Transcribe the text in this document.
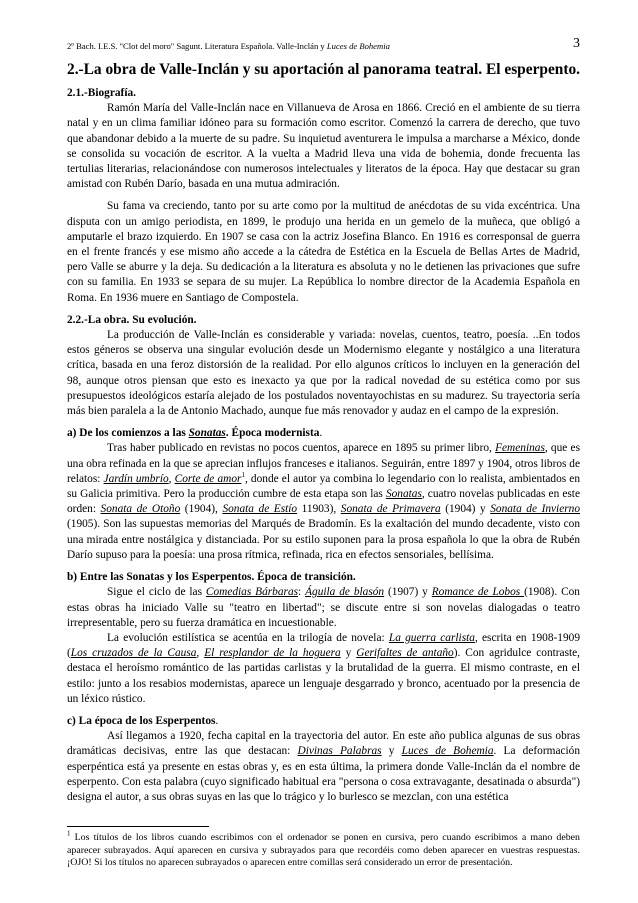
2º Bach. I.E.S. "Clot del moro" Sagunt. Literatura Española. Valle-Inclán y Luces de Bohemia	3
2.-La obra de Valle-Inclán y su aportación al panorama teatral. El esperpento.

2.1.-Biografía.

Ramón María del Valle-Inclán nace en Villanueva de Arosa en 1866. Creció en el ambiente de su tierra natal y en un clima familiar idóneo para su formación como escritor. Comenzó la carrera de derecho, que tuvo que abandonar debido a la muerte de su padre. Su inquietud aventurera le impulsa a marcharse a México, donde se consolida su vocación de escritor. A la vuelta a Madrid lleva una vida de bohemia, donde frecuenta las tertulias literarias, relacionándose con numerosos intelectuales y literatos de la época. Hay que destacar su gran amistad con Rubén Darío, basada en una mutua admiración.

Su fama va creciendo, tanto por su arte como por la multitud de anécdotas de su vida excéntrica. Una disputa con un amigo periodista, en 1899, le produjo una herida en un gemelo de la muñeca, que obligó a amputarle el brazo izquierdo. En 1907 se casa con la actriz Josefina Blanco. En 1916 es corresponsal de guerra en el frente francés y ese mismo año accede a la cátedra de Estética en la Escuela de Bellas Artes de Madrid, pero Valle se aburre y la deja. Su dedicación a la literatura es absoluta y no le detienen las privaciones que sufre con su familia. En 1933 se separa de su mujer. La República lo nombre director de la Academia Española en Roma. En 1936 muere en Santiago de Compostela.

2.2.-La obra. Su evolución.

La producción de Valle-Inclán es considerable y variada: novelas, cuentos, teatro, poesía. ..En todos estos géneros se observa una singular evolución desde un Modernismo elegante y nostálgico a una literatura crítica, basada en una feroz distorsión de la realidad. Por ello algunos críticos lo incluyen en la generación del 98, aunque otros piensan que esto es inexacto ya que por la radical novedad de su estética como por sus presupuestos ideológicos estaría alejado de los postulados noventayochistas en su madurez. Su trayectoria sería más bien paralela a la de Antonio Machado, aunque fue más renovador y audaz en el campo de la expresión.

a) De los comienzos a las Sonatas. Época modernista.

Tras haber publicado en revistas no pocos cuentos, aparece en 1895 su primer libro, Femeninas, que es una obra refinada en la que se aprecian influjos franceses e italianos. Seguirán, entre 1897 y 1904, otros libros de relatos: Jardín umbrío, Corte de amor$^1$, donde el autor ya combina lo legendario con lo realista, ambientados en su Galicia primitiva. Pero la producción cumbre de esta etapa son las Sonatas, cuatro novelas publicadas en este orden: Sonata de Otoño (1904), Sonata de Estío 11903), Sonata de Primavera (1904) y Sonata de Invierno (1905). Son las supuestas memorias del Marqués de Bradomín. Es la exaltación del mundo decadente, visto con una mirada entre nostálgica y distanciada. Por su estilo suponen para la prosa española lo que la obra de Rubén Darío supuso para la poesía: una prosa rítmica, refinada, rica en efectos sensoriales, bellísima.

b) Entre las Sonatas y los Esperpentos. Época de transición.

Sigue el ciclo de las Comedias Bárbaras: Águila de blasón (1907) y Romance de Lobos (1908). Con estas obras ha iniciado Valle su "teatro en libertad"; se discute entre si son novelas dialogadas o teatro irrepresentable, pero su fuerza dramática en incuestionable.

La evolución estilística se acentúa en la trilogía de novela: La guerra carlista, escrita en 1908-1909 (Los cruzados de la Causa, El resplandor de la hoguera y Gerifaltes de antaño). Con agridulce contraste, destaca el heroísmo romántico de las partidas carlistas y la brutalidad de la guerra. El mismo contraste, en el estilo: junto a los resabios modernistas, aparece un lenguaje desgarrado y bronco, acentuado por la presencia de un léxico rústico.

c) La época de los Esperpentos.

Así llegamos a 1920, fecha capital en la trayectoria del autor. En este año publica algunas de sus obras dramáticas decisivas, entre las que destacan: Divinas Palabras y Luces de Bohemia. La deformación esperpéntica está ya presente en estas obras y, es en esta última, la primera donde Valle-Inclán da el nombre de esperpento. Con esta palabra (cuyo significado habitual era "persona o cosa extravagante, desatinada o absurda") designa el autor, a sus obras suyas en las que lo trágico y lo burlesco se mezclan, con una estética

$^1$ Los títulos de los libros cuando escribimos con el ordenador se ponen en cursiva, pero cuando escribimos a mano deben aparecer subrayados. Aquí aparecen en cursiva y subrayados para que recordéis como deben aparecer en vuestras respuestas.¡OJO! Si los títulos no aparecen subrayados o aparecen entre comillas será considerado un error de presentación.
